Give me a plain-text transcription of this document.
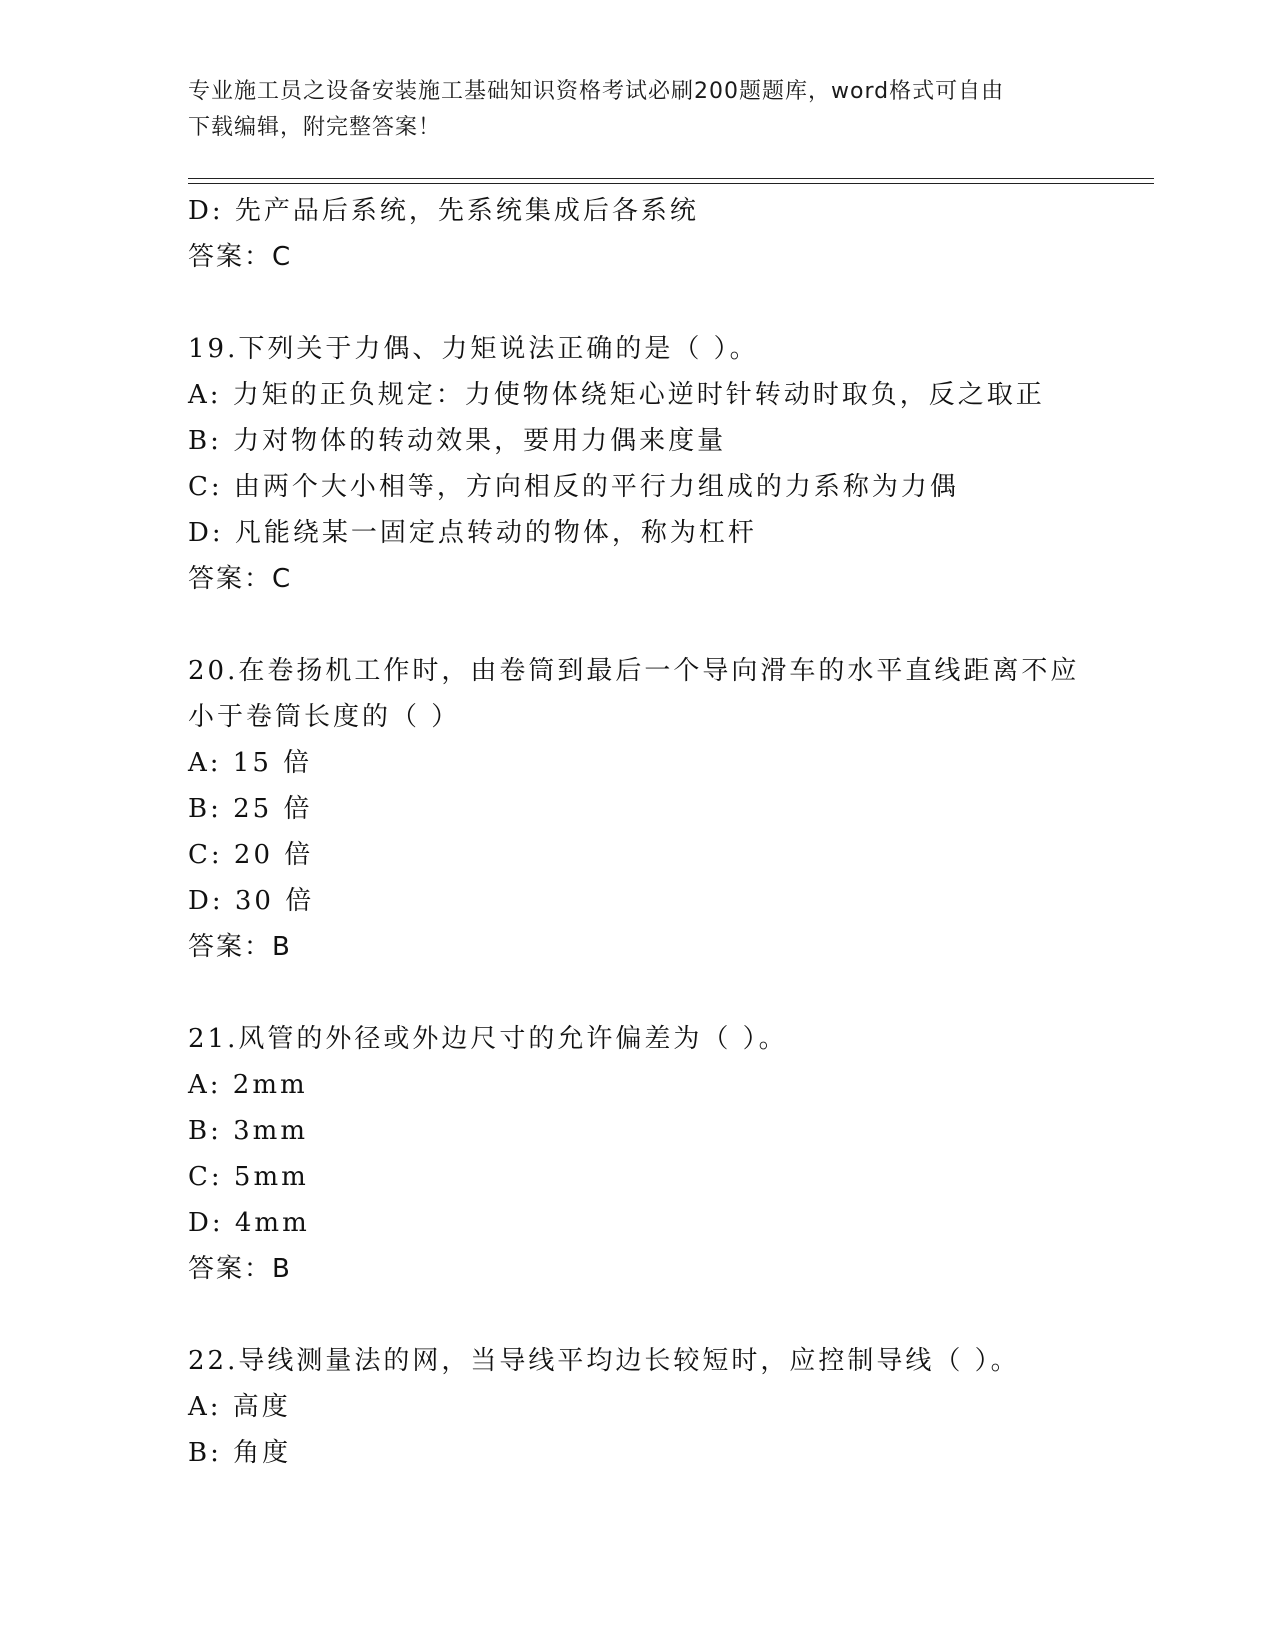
专业施工员之设备安装施工基础知识资格考试必刷200题题库，word格式可自由
下载编辑，附完整答案！
D: 先产品后系统，先系统集成后各系统
答案：C
19.下列关于力偶、力矩说法正确的是（ ）。
A: 力矩的正负规定：力使物体绕矩心逆时针转动时取负，反之取正
B: 力对物体的转动效果，要用力偶来度量
C: 由两个大小相等，方向相反的平行力组成的力系称为力偶
D: 凡能绕某一固定点转动的物体，称为杠杆
答案：C
20.在卷扬机工作时，由卷筒到最后一个导向滑车的水平直线距离不应
小于卷筒长度的（ ）
A: 15 倍
B: 25 倍
C: 20 倍
D: 30 倍
答案：B
21.风管的外径或外边尺寸的允许偏差为（ ）。
A: 2mm
B: 3mm
C: 5mm
D: 4mm
答案：B
22.导线测量法的网，当导线平均边长较短时，应控制导线（ ）。
A: 高度
B: 角度
